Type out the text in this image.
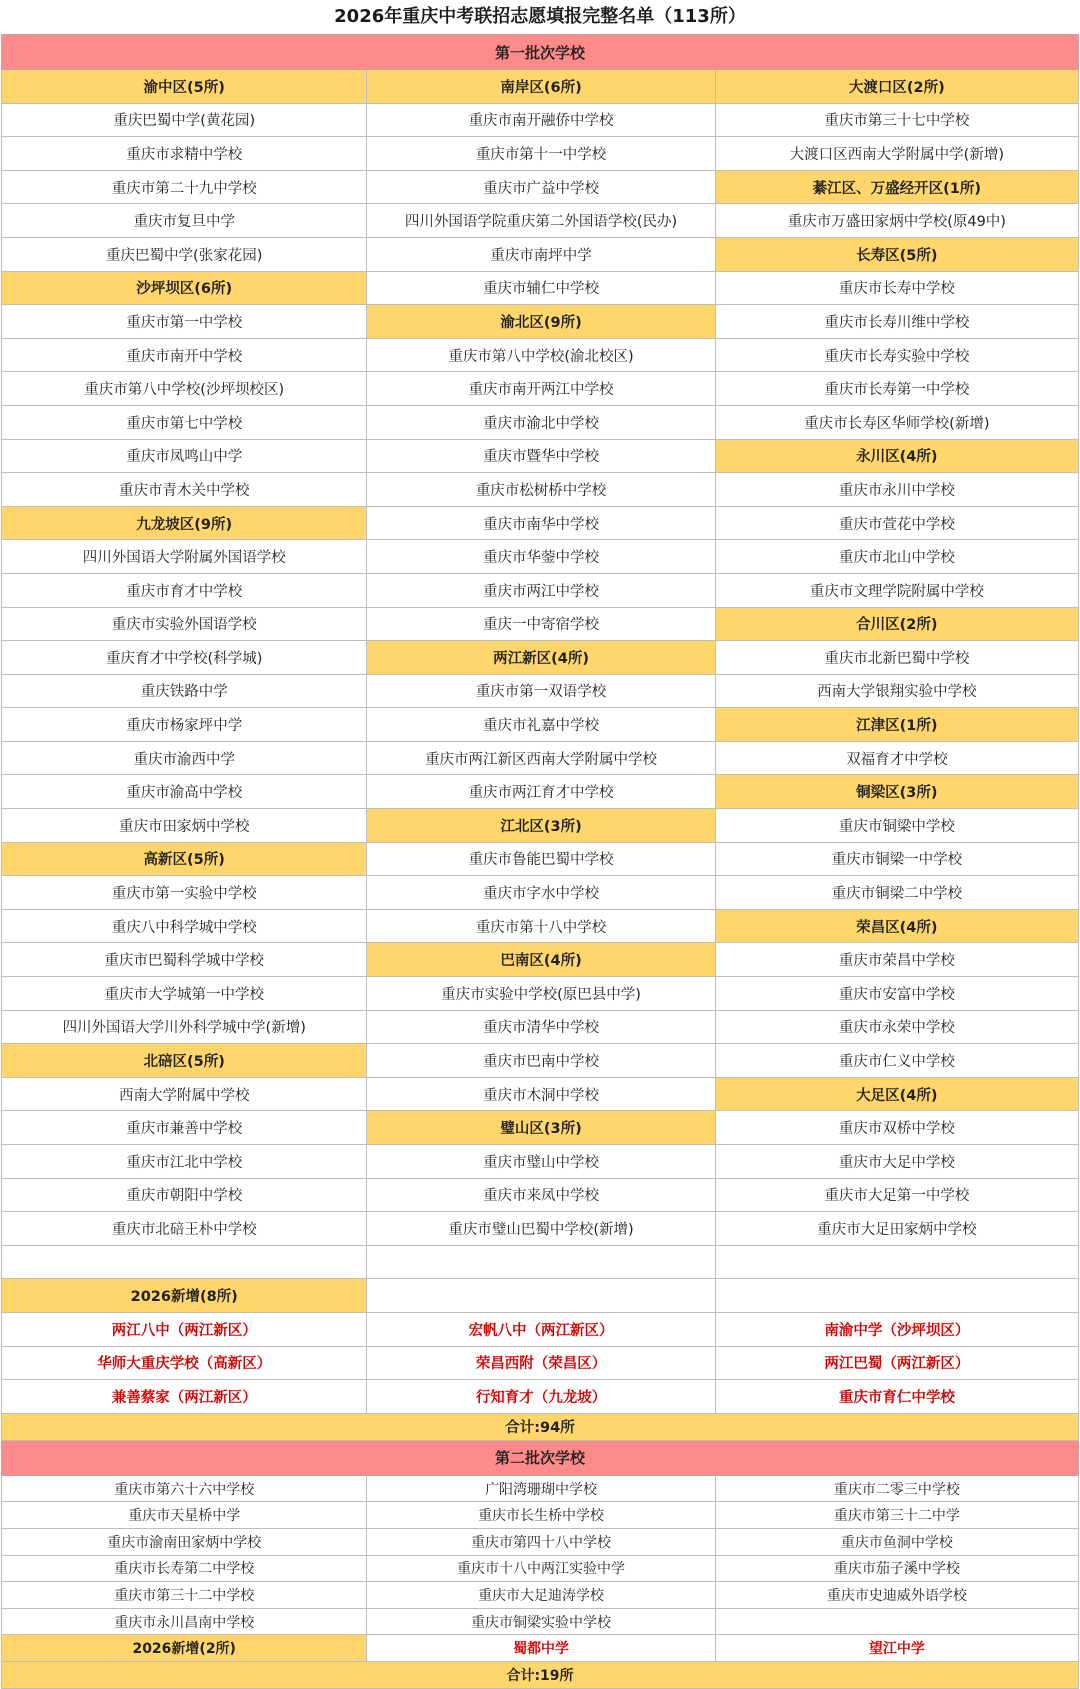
2026年重庆中考联招志愿填报完整名单（113所）
第一批次学校		
渝中区(5所)	南岸区(6所)	大渡口区(2所)
重庆巴蜀中学(黄花园)	重庆市南开融侨中学校	重庆市第三十七中学校
重庆市求精中学校	重庆市第十一中学校	大渡口区西南大学附属中学(新增)
重庆市第二十九中学校	重庆市广益中学校	綦江区、万盛经开区(1所)
重庆市复旦中学	四川外国语学院重庆第二外国语学校(民办)	重庆市万盛田家炳中学校(原49中)
重庆巴蜀中学(张家花园)	重庆市南坪中学	长寿区(5所)
沙坪坝区(6所)	重庆市辅仁中学校	重庆市长寿中学校
重庆市第一中学校	渝北区(9所)	重庆市长寿川维中学校
重庆市南开中学校	重庆市第八中学校(渝北校区)	重庆市长寿实验中学校
重庆市第八中学校(沙坪坝校区)	重庆市南开两江中学校	重庆市长寿第一中学校
重庆市第七中学校	重庆市渝北中学校	重庆市长寿区华师学校(新增)
重庆市凤鸣山中学	重庆市暨华中学校	永川区(4所)
重庆市青木关中学校	重庆市松树桥中学校	重庆市永川中学校
九龙坡区(9所)	重庆市南华中学校	重庆市萱花中学校
四川外国语大学附属外国语学校	重庆市华蓥中学校	重庆市北山中学校
重庆市育才中学校	重庆市两江中学校	重庆市文理学院附属中学校
重庆市实验外国语学校	重庆一中寄宿学校	合川区(2所)
重庆育才中学校(科学城)	两江新区(4所)	重庆市北新巴蜀中学校
重庆铁路中学	重庆市第一双语学校	西南大学银翔实验中学校
重庆市杨家坪中学	重庆市礼嘉中学校	江津区(1所)
重庆市渝西中学	重庆市两江新区西南大学附属中学校	双福育才中学校
重庆市渝高中学校	重庆市两江育才中学校	铜梁区(3所)
重庆市田家炳中学校	江北区(3所)	重庆市铜梁中学校
高新区(5所)	重庆市鲁能巴蜀中学校	重庆市铜梁一中学校
重庆市第一实验中学校	重庆市字水中学校	重庆市铜梁二中学校
重庆八中科学城中学校	重庆市第十八中学校	荣昌区(4所)
重庆市巴蜀科学城中学校	巴南区(4所)	重庆市荣昌中学校
重庆市大学城第一中学校	重庆市实验中学校(原巴县中学)	重庆市安富中学校
四川外国语大学川外科学城中学(新增)	重庆市清华中学校	重庆市永荣中学校
北碚区(5所)	重庆市巴南中学校	重庆市仁义中学校
西南大学附属中学校	重庆市木洞中学校	大足区(4所)
重庆市兼善中学校	璧山区(3所)	重庆市双桥中学校
重庆市江北中学校	重庆市璧山中学校	重庆市大足中学校
重庆市朝阳中学校	重庆市来凤中学校	重庆市大足第一中学校
重庆市北碚王朴中学校	重庆市璧山巴蜀中学校(新增)	重庆市大足田家炳中学校

2026新增(8所)		
两江八中（两江新区）	宏帆八中（两江新区）	南渝中学（沙坪坝区）
华师大重庆学校（高新区）	荣昌西附（荣昌区）	两江巴蜀（两江新区）
兼善蔡家（两江新区）	行知育才（九龙坡）	重庆市育仁中学校
合计:94所		
第二批次学校		
重庆市第六十六中学校	广阳湾珊瑚中学校	重庆市二零三中学校
重庆市天星桥中学	重庆市长生桥中学校	重庆市第三十二中学
重庆市渝南田家炳中学校	重庆市第四十八中学校	重庆市鱼洞中学校
重庆市长寿第二中学校	重庆市十八中两江实验中学	重庆市茄子溪中学校
重庆市第三十二中学校	重庆市大足迪涛学校	重庆市史迪威外语学校
重庆市永川昌南中学校	重庆市铜梁实验中学校	
2026新增(2所)	蜀都中学	望江中学
合计:19所		
